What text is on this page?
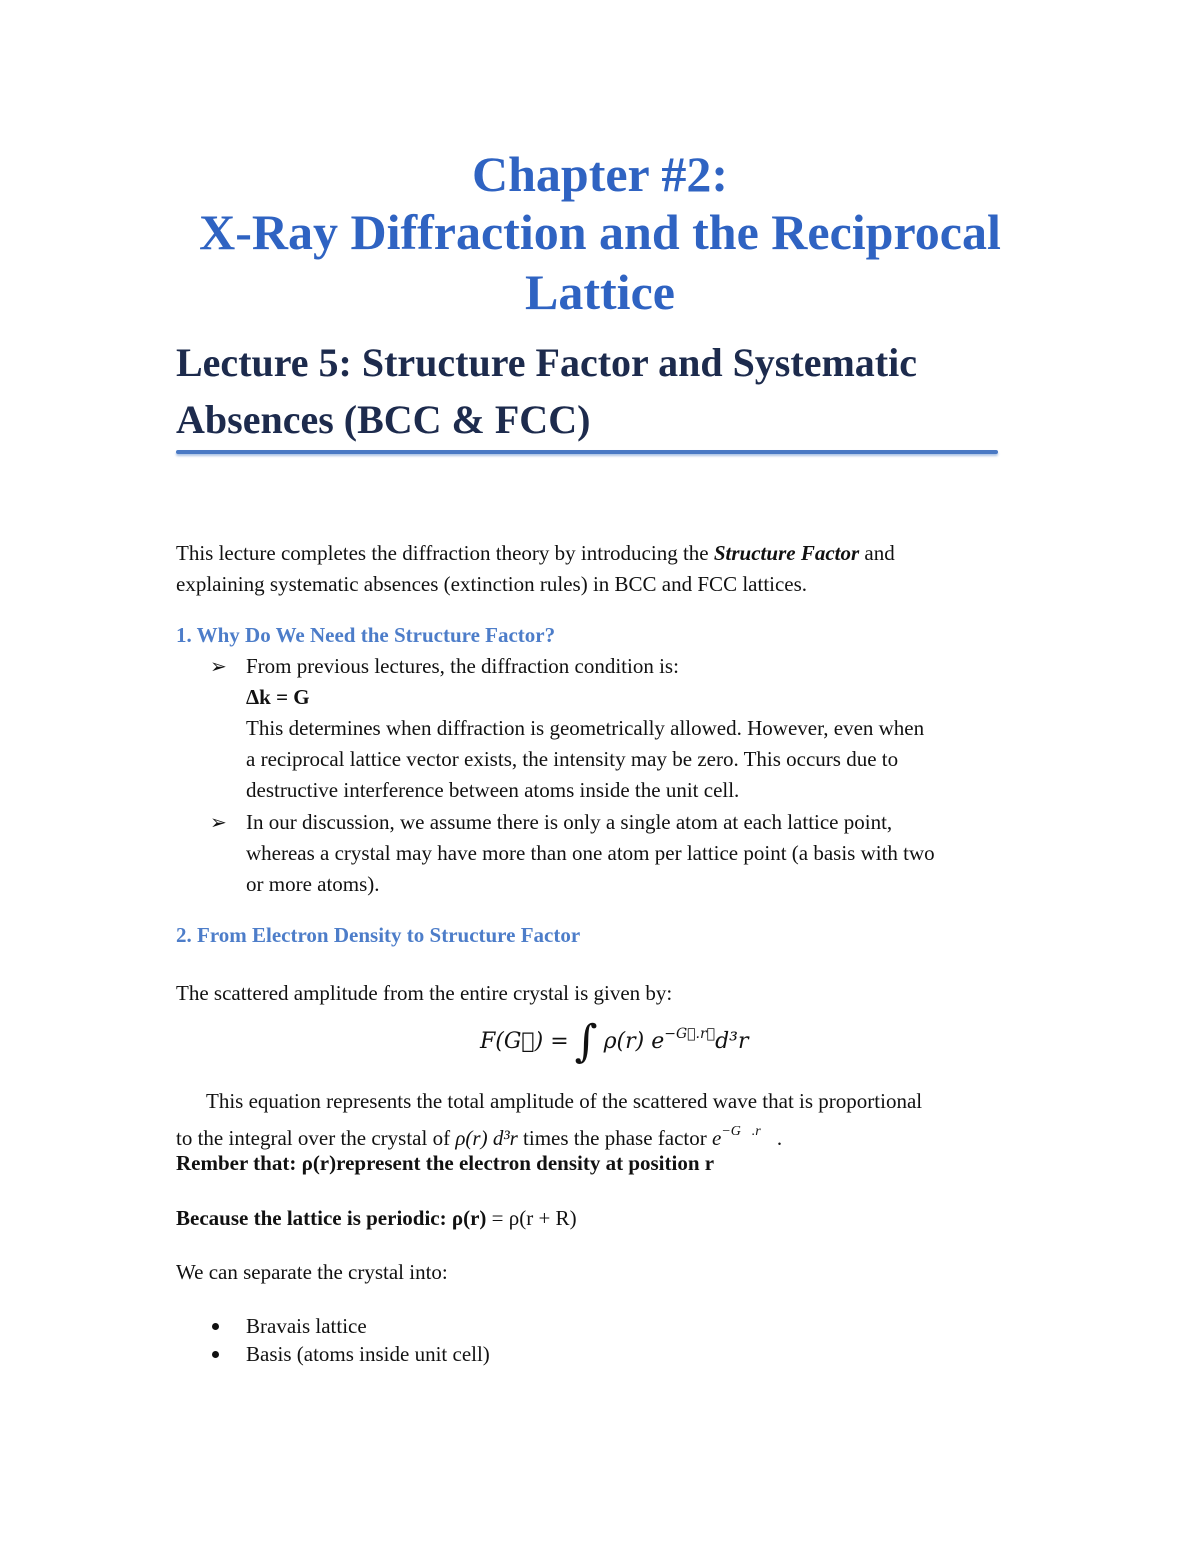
Chapter #2:
X-Ray Diffraction and the Reciprocal
Lattice
Lecture 5: Structure Factor and Systematic
Absences (BCC & FCC)

This lecture completes the diffraction theory by introducing the Structure Factor and

explaining systematic absences (extinction rules) in BCC and FCC lattices.

1. Why Do We Need the Structure Factor?

➢ From previous lectures, the diffraction condition is:

Δk = G

This determines when diffraction is geometrically allowed. However, even when

a reciprocal lattice vector exists, the intensity may be zero. This occurs due to

destructive interference between atoms inside the unit cell.

➢ In our discussion, we assume there is only a single atom at each lattice point,

whereas a crystal may have more than one atom per lattice point (a basis with two

or more atoms).

2. From Electron Density to Structure Factor

The scattered amplitude from the entire crystal is given by:

F(G⃗) = ∫ ρ(r) $e^{-G⃗.r⃗}d^3r$

This equation represents the total amplitude of the scattered wave that is proportional

to the integral over the crystal of ρ(r) d³r times the phase factor $e^{-G⃗.r⃗}$ .

Rember that: ρ(r)represent the electron density at position r

Because the lattice is periodic: ρ(r) = ρ(r + R)

We can separate the crystal into:

Bravais lattice

Basis (atoms inside unit cell)
